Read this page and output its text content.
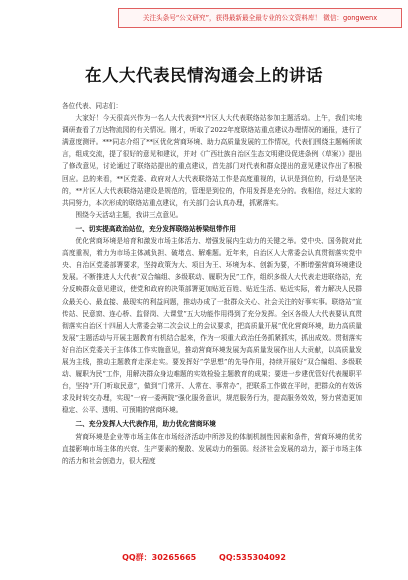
关注头条号“公文研究”，获得最新最全最专业的公文资料库！ 微信：gongwenx
在人大代表民情沟通会上的讲话

各位代表、同志们：

大家好！今天很高兴作为一名人大代表到**片区人大代表联络站参加主题活动。上午，我们实地调研查看了万达物流园的有关情况。刚才，听取了2022年度联络站重点建议办理情况的通报，进行了满意度测评。***同志介绍了**区优化营商环境、助力高质量发展的工作情况，代表们围绕主题畅所欲言，组成交流，提了很好的意见和建议，并对《广西壮族自治区生态文明建设促进条例（草案）》提出了修改意见，讨论通过了联络站提出的重点建议，首先部门对代表和群众提出的意见建议作出了积极回应。总的来看，**区党委、政府对人大代表联络站工作是高度重视的，认识是到位的，行动是坚决的，**片区人大代表联络站建设是规范的，管理是到位的，作用发挥是充分的。我相信，经过大家的共同努力，本次形成的联络站重点建议，有关部门会认真办理，抓紧落实。

围绕今天活动主题，我讲三点意见。

一、切实提高政治站位，充分发挥联络站桥梁纽带作用

优化营商环境是培育和激发市场主体活力、增强发展内生动力的关键之举。党中央、国务院对此高度重视，着力为市场主体减负担、破堵点、解难题。近年来，自治区人大常委会认真贯彻落实党中央、自治区党委部署要求，坚持政策为大、项目为王、环境为本、创新为要，不断增强营商环境建设发展。不断推进人大代表“双合编组、多级联动、履职为民”工作，组织多级人大代表走进联络站，充分反映群众意见建议，使党和政府的决策部署更加贴近百姓、贴近生活、贴近实际，着力解决人民群众最关心、最直接、最现实的利益问题，推动办成了一批群众关心、社会关注的好事实事。联络站“宣传站、民意窗、连心桥、监督岗、大课堂”五大功能作用得到了充分发挥。全区各级人大代表要认真贯彻落实自治区十四届人大常委会第二次会议上的会议要求，把高质量开展“优化营商环境，助力高质量发展”主题活动与开展主题教育有机结合起来，作为一项重大政治任务抓紧抓实，抓出成效。贯彻落实好自治区党委关于主体体工作实施意见，推动营商环境发展为高质量发展作出人大贡献，以高质量发展为主线，推动主题教育走深走实。要发挥好“学思想”的先导作用，持续开展好“双合编组、多级联动、履职为民”工作，用解决群众身边难题的实效检验主题教育的成果；要进一步建优管好代表履职平台，坚持“开门听取民意”，做到“门常开、人常在、事常办”，把联系工作做在平时，把群众的有效诉求及时转交办理，实现“一府一委两院”强化服务意识，规范服务行为，提高服务效效，努力营造更加稳定、公平、透明、可预期的营商环境。

二、充分发挥人大代表作用，助力优化营商环境

营商环境是企业等市场主体在市场经济活动中所涉及的体制机制性因素和条件，营商环境的优劣直接影响市场主体的兴衰、生产要素的聚散、发展动力的强弱。经济社会发展的动力，源于市场主体的活力和社会创造力，很大程度

QQ群：30265665	QQ:535304092
